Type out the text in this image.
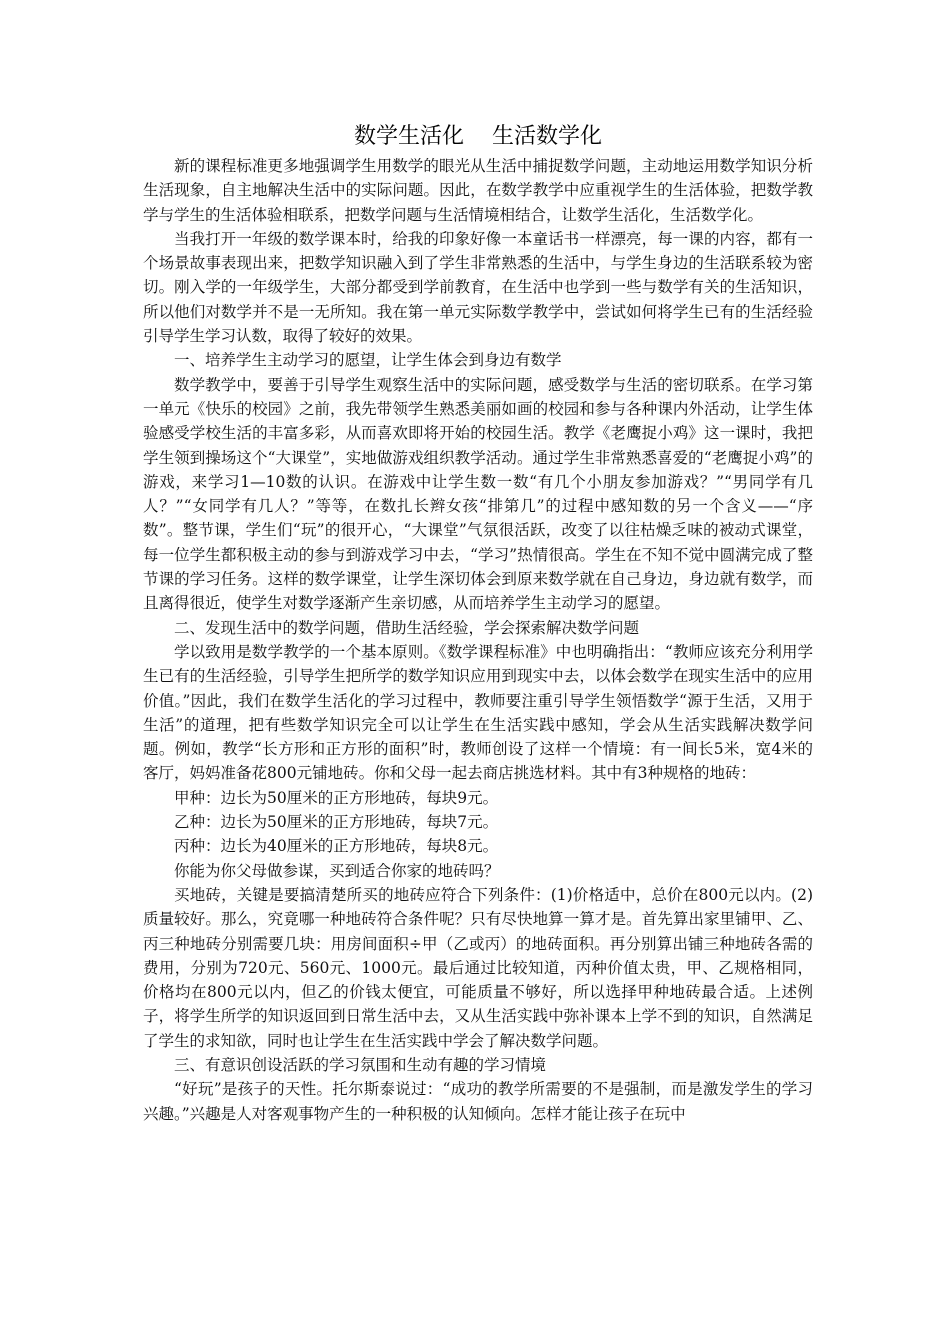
数学生活化    生活数学化

新的课程标准更多地强调学生用数学的眼光从生活中捕捉数学问题，主动地运用数学知识分析生活现象，自主地解决生活中的实际问题。因此，在数学教学中应重视学生的生活体验，把数学教学与学生的生活体验相联系，把数学问题与生活情境相结合，让数学生活化，生活数学化。

当我打开一年级的数学课本时，给我的印象好像一本童话书一样漂亮，每一课的内容，都有一个场景故事表现出来，把数学知识融入到了学生非常熟悉的生活中，与学生身边的生活联系较为密切。刚入学的一年级学生，大部分都受到学前教育，在生活中也学到一些与数学有关的生活知识，所以他们对数学并不是一无所知。我在第一单元实际数学教学中，尝试如何将学生已有的生活经验引导学生学习认数，取得了较好的效果。

一、培养学生主动学习的愿望，让学生体会到身边有数学

数学教学中，要善于引导学生观察生活中的实际问题，感受数学与生活的密切联系。在学习第一单元《快乐的校园》之前，我先带领学生熟悉美丽如画的校园和参与各种课内外活动，让学生体验感受学校生活的丰富多彩，从而喜欢即将开始的校园生活。教学《老鹰捉小鸡》这一课时，我把学生领到操场这个“大课堂”，实地做游戏组织教学活动。通过学生非常熟悉喜爱的“老鹰捉小鸡”的游戏，来学习1—10数的认识。在游戏中让学生数一数“有几个小朋友参加游戏？”“男同学有几人？”“女同学有几人？”等等，在数扎长辫女孩“排第几”的过程中感知数的另一个含义——“序数”。整节课，学生们“玩”的很开心，“大课堂”气氛很活跃，改变了以往枯燥乏味的被动式课堂，每一位学生都积极主动的参与到游戏学习中去，“学习”热情很高。学生在不知不觉中圆满完成了整节课的学习任务。这样的数学课堂，让学生深切体会到原来数学就在自己身边，身边就有数学，而且离得很近，使学生对数学逐渐产生亲切感，从而培养学生主动学习的愿望。

二、发现生活中的数学问题，借助生活经验，学会探索解决数学问题

学以致用是数学教学的一个基本原则。《数学课程标准》中也明确指出：“教师应该充分利用学生已有的生活经验，引导学生把所学的数学知识应用到现实中去，以体会数学在现实生活中的应用价值。”因此，我们在数学生活化的学习过程中，教师要注重引导学生领悟数学“源于生活，又用于生活”的道理，把有些数学知识完全可以让学生在生活实践中感知，学会从生活实践解决数学问题。例如，教学“长方形和正方形的面积”时，教师创设了这样一个情境：有一间长5米，宽4米的客厅，妈妈准备花800元铺地砖。你和父母一起去商店挑选材料。其中有3种规格的地砖：

甲种：边长为50厘米的正方形地砖，每块9元。

乙种：边长为50厘米的正方形地砖，每块7元。

丙种：边长为40厘米的正方形地砖，每块8元。

你能为你父母做参谋，买到适合你家的地砖吗？

买地砖，关键是要搞清楚所买的地砖应符合下列条件：(1)价格适中，总价在800元以内。(2)质量较好。那么，究竟哪一种地砖符合条件呢？只有尽快地算一算才是。首先算出家里铺甲、乙、丙三种地砖分别需要几块：用房间面积÷甲（乙或丙）的地砖面积。再分别算出铺三种地砖各需的费用，分别为720元、560元、1000元。最后通过比较知道，丙种价值太贵，甲、乙规格相同，价格均在800元以内，但乙的价钱太便宜，可能质量不够好，所以选择甲种地砖最合适。上述例子，将学生所学的知识返回到日常生活中去，又从生活实践中弥补课本上学不到的知识，自然满足了学生的求知欲，同时也让学生在生活实践中学会了解决数学问题。

三、有意识创设活跃的学习氛围和生动有趣的学习情境

“好玩”是孩子的天性。托尔斯泰说过：“成功的教学所需要的不是强制，而是激发学生的学习兴趣。”兴趣是人对客观事物产生的一种积极的认知倾向。怎样才能让孩子在玩中
